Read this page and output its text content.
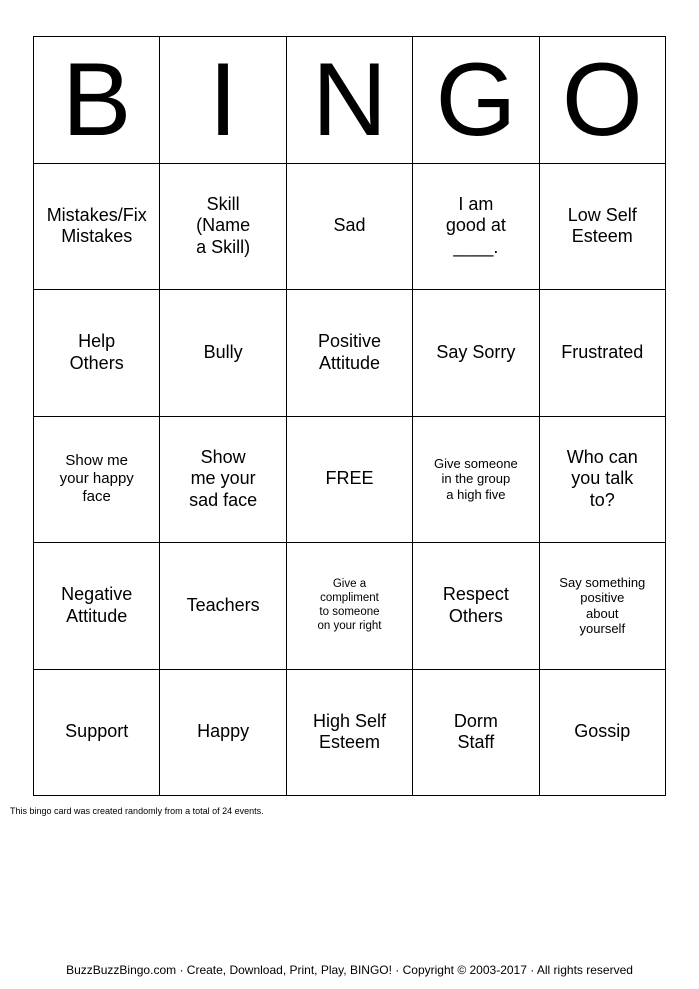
B I N G O
Mistakes/Fix
Mistakes
Skill
(Name
a Skill)
Sad
I am
good at
____.
Low Self
Esteem
Help
Others
Bully
Positive
Attitude
Say Sorry	Frustrated
Show me
your happy
face
Show
me your
sad face
FREE
Give someone
in the group
a high five
Who can
you talk
to?
Negative
Attitude
Teachers
Give a
compliment
to someone
on your right
Respect
Others
Say something
positive
about
yourself
Support	Happy
High Self
Esteem
Dorm
Staff
Gossip
This bingo card was created randomly from a total of 24 events.
BuzzBuzzBingo.com · Create, Download, Print, Play, BINGO! · Copyright © 2003-2017 · All rights reserved
